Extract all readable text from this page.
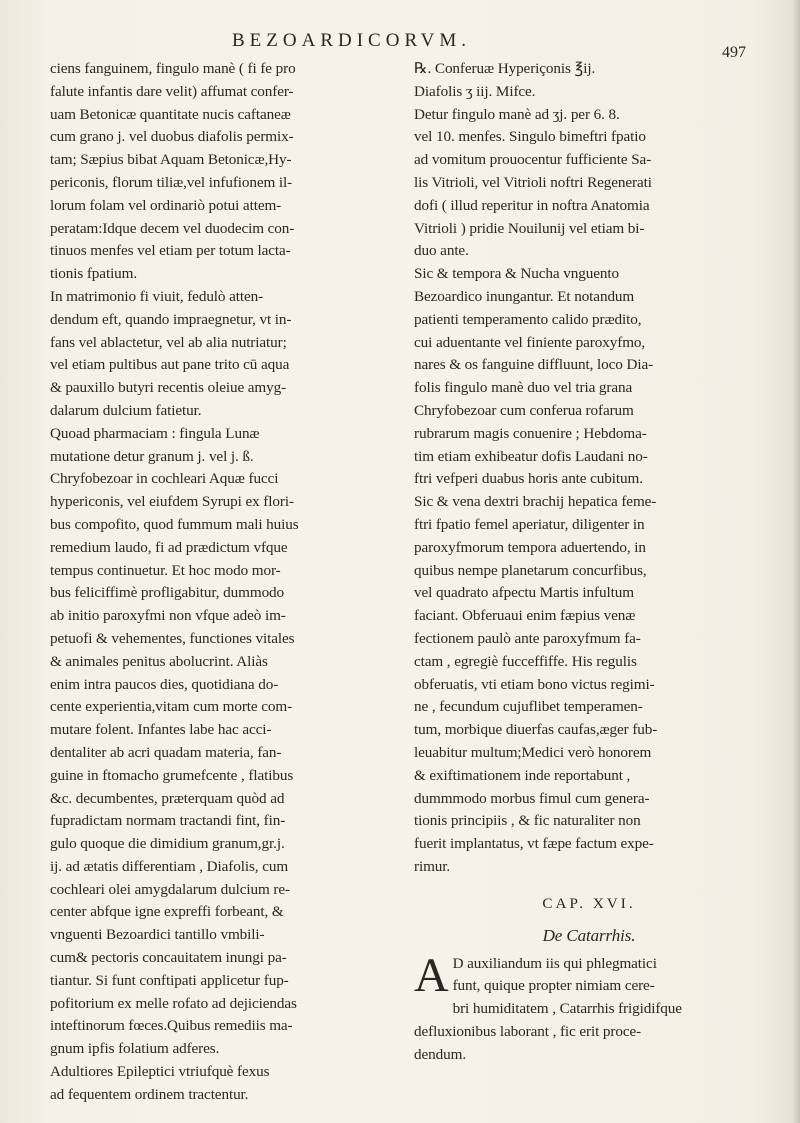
BEZOARDICORVM.
497
ciens fanguinem, fingulo manè ( fi fe pro
falute infantis dare velit) affumat confer-
uam Betonicæ quantitate nucis caftaneæ
cum grano j. vel duobus diafolis permix-
tam; Sæpius bibat Aquam Betonicæ,Hy-
periconis, florum tiliæ,vel infufionem il-
lorum folam vel ordinariò potui attem-
peratam:Idque decem vel duodecim con-
tinuos menfes vel etiam per totum lacta-
tionis fpatium.
In matrimonio fi viuit, fedulò atten-
dendum eft, quando impraegnetur, vt in-
fans vel ablactetur, vel ab alia nutriatur;
vel etiam pultibus aut pane trito cū aqua
& pauxillo butyri recentis oleiue amyg-
dalarum dulcium fatietur.
Quoad pharmaciam : fingula Lunæ
mutatione detur granum j. vel j. ß.
Chryfobezoar in cochleari Aquæ fucci
hypericonis, vel eiufdem Syrupi ex flori-
bus compofito, quod fummum mali huius
remedium laudo, fi ad prædictum vfque
tempus continuetur. Et hoc modo mor-
bus feliciffimè profligabitur, dummodo
ab initio paroxyfmi non vfque adeò im-
petuofi & vehementes, functiones vitales
& animales penitus abolucrint. Aliàs
enim intra paucos dies, quotidiana do-
cente experientia,vitam cum morte com-
mutare folent. Infantes labe hac acci-
dentaliter ab acri quadam materia, fan-
guine in ftomacho grumefcente , flatibus
&c. decumbentes, præterquam quòd ad
fupradictam normam tractandi fint, fin-
gulo quoque die dimidium granum,gr.j.
ij. ad ætatis differentiam , Diafolis, cum
cochleari olei amygdalarum dulcium re-
center abfque igne expreffi forbeant, &
vnguenti Bezoardici tantillo vmbili-
cum& pectoris concauitatem inungi pa-
tiantur. Si funt conftipati applicetur fup-
pofitorium ex melle rofato ad dejiciendas
inteftinorum fœces.Quibus remediis ma-
gnum ipfis folatium adferes.
Adultiores Epileptici vtriufquè fexus
ad fequentem ordinem tractentur.
℞. Conferuæ Hyperiçonis ℥ij.
Diafolis ʒ iij. Mifce.
Detur fingulo manè ad ʒj. per 6. 8.
vel 10. menfes. Singulo bimeftri fpatio
ad vomitum prouocentur fufficiente Sa-
lis Vitrioli, vel Vitrioli noftri Regenerati
dofi ( illud reperitur in noftra Anatomia
Vitrioli ) pridie Nouilunij vel etiam bi-
duo ante.
Sic & tempora & Nucha vnguento
Bezoardico inungantur. Et notandum
patienti temperamento calido prædito,
cui aduentante vel finiente paroxyfmo,
nares & os fanguine diffluunt, loco Dia-
folis fingulo manè duo vel tria grana
Chryfobezoar cum conferua rofarum
rubrarum magis conuenire ; Hebdoma-
tim etiam exhibeatur dofis Laudani no-
ftri vefperi duabus horis ante cubitum.
Sic & vena dextri brachij hepatica feme-
ftri fpatio femel aperiatur, diligenter in
paroxyfmorum tempora aduertendo, in
quibus nempe planetarum concurfibus,
vel quadrato afpectu Martis infultum
faciant. Obferuaui enim fæpius venæ
fectionem paulò ante paroxyfmum fa-
ctam , egregiè fucceffiffe. His regulis
obferuatis, vti etiam bono victus regimi-
ne , fecundum cujuflibet temperamen-
tum, morbique diuerfas caufas,æger fub-
leuabitur multum;Medici verò honorem
& exiftimationem inde reportabunt ,
dummmodo morbus fimul cum genera-
tionis principiis , & fic naturaliter non
fuerit implantatus, vt fæpe factum expe-
rimur.
CAP. XVI.
De Catarrhis.
A D auxiliandum iis qui phlegmatici
funt, quique propter nimiam cere-
bri humiditatem , Catarrhis frigidifque
defluxionibus laborant , fic erit proce-
dendum.
